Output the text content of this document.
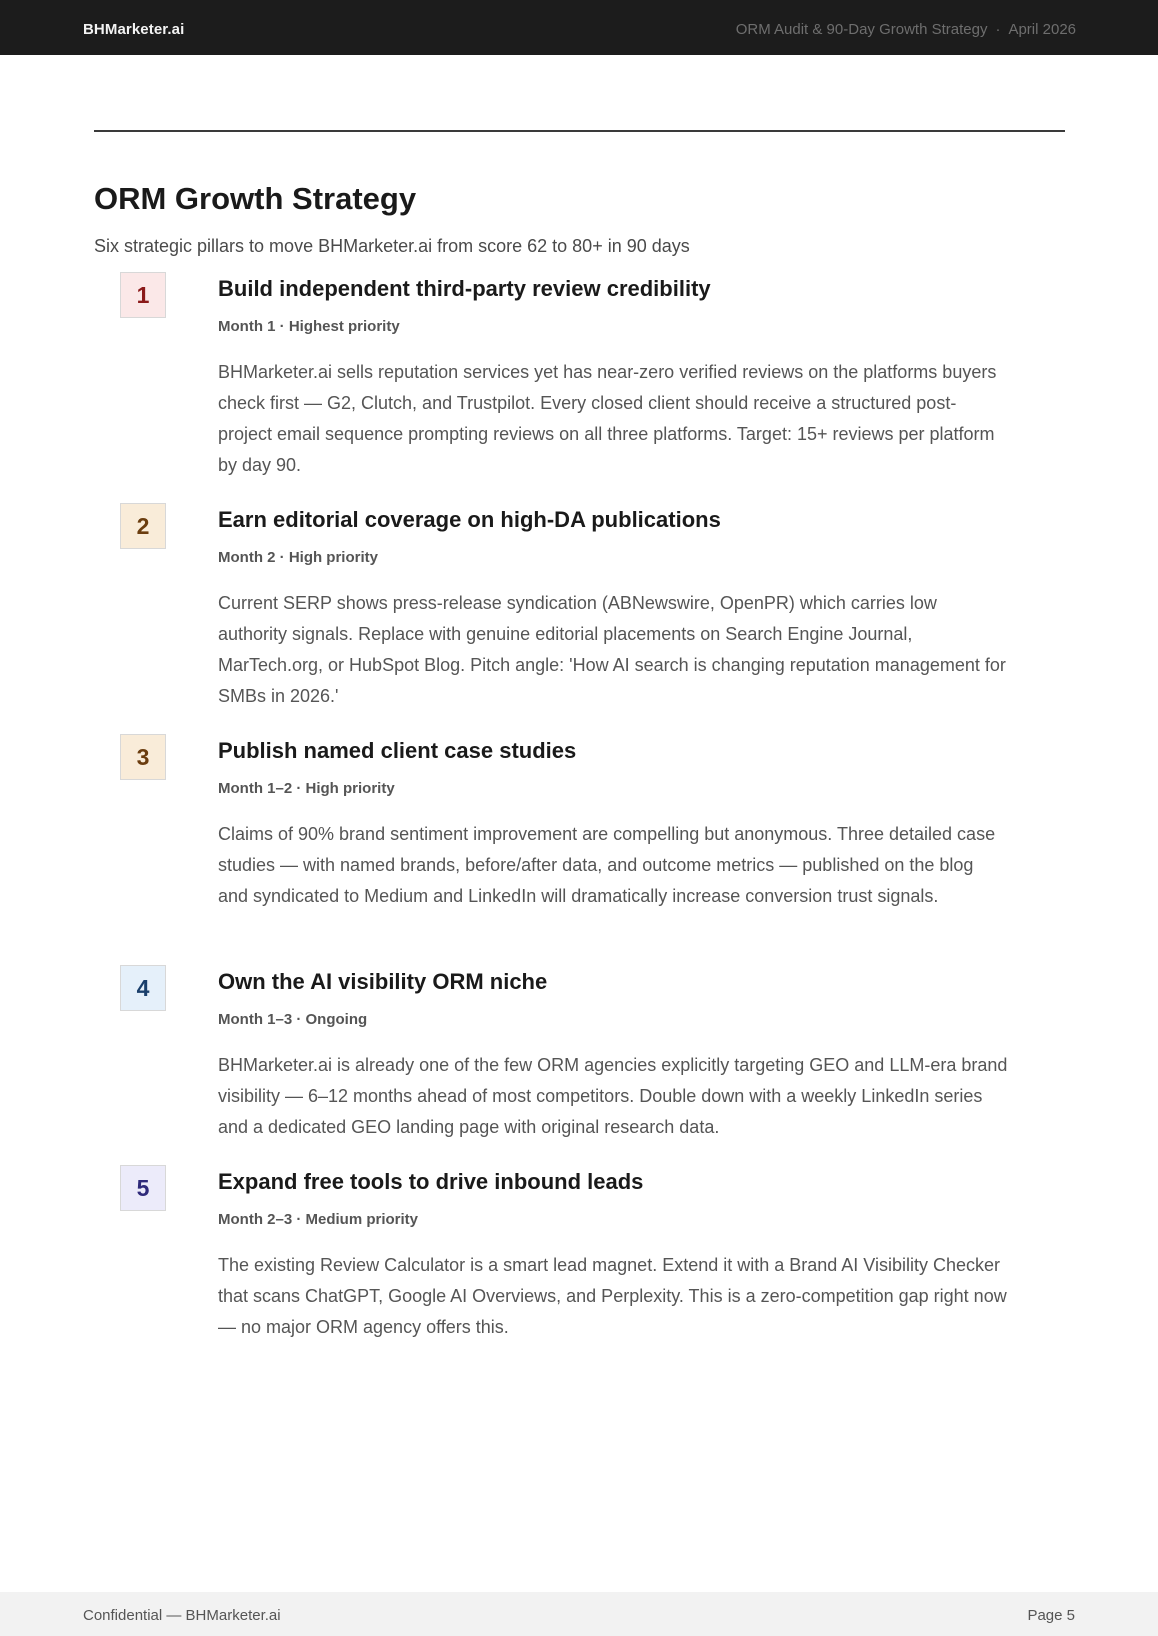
BHMarketer.ai	ORM Audit & 90-Day Growth Strategy · April 2026
ORM Growth Strategy

Six strategic pillars to move BHMarketer.ai from score 62 to 80+ in 90 days

1	Build independent third-party review credibility
Month 1 · Highest priority

BHMarketer.ai sells reputation services yet has near-zero verified reviews on the platforms buyers check first — G2, Clutch, and Trustpilot. Every closed client should receive a structured post-project email sequence prompting reviews on all three platforms. Target: 15+ reviews per platform by day 90.

2	Earn editorial coverage on high-DA publications
Month 2 · High priority

Current SERP shows press-release syndication (ABNewswire, OpenPR) which carries low authority signals. Replace with genuine editorial placements on Search Engine Journal, MarTech.org, or HubSpot Blog. Pitch angle: 'How AI search is changing reputation management for SMBs in 2026.'

3	Publish named client case studies
Month 1–2 · High priority

Claims of 90% brand sentiment improvement are compelling but anonymous. Three detailed case studies — with named brands, before/after data, and outcome metrics — published on the blog and syndicated to Medium and LinkedIn will dramatically increase conversion trust signals.

4	Own the AI visibility ORM niche
Month 1–3 · Ongoing

BHMarketer.ai is already one of the few ORM agencies explicitly targeting GEO and LLM-era brand visibility — 6–12 months ahead of most competitors. Double down with a weekly LinkedIn series and a dedicated GEO landing page with original research data.

5	Expand free tools to drive inbound leads
Month 2–3 · Medium priority

The existing Review Calculator is a smart lead magnet. Extend it with a Brand AI Visibility Checker that scans ChatGPT, Google AI Overviews, and Perplexity. This is a zero-competition gap right now — no major ORM agency offers this.

Confidential — BHMarketer.ai	Page 5
